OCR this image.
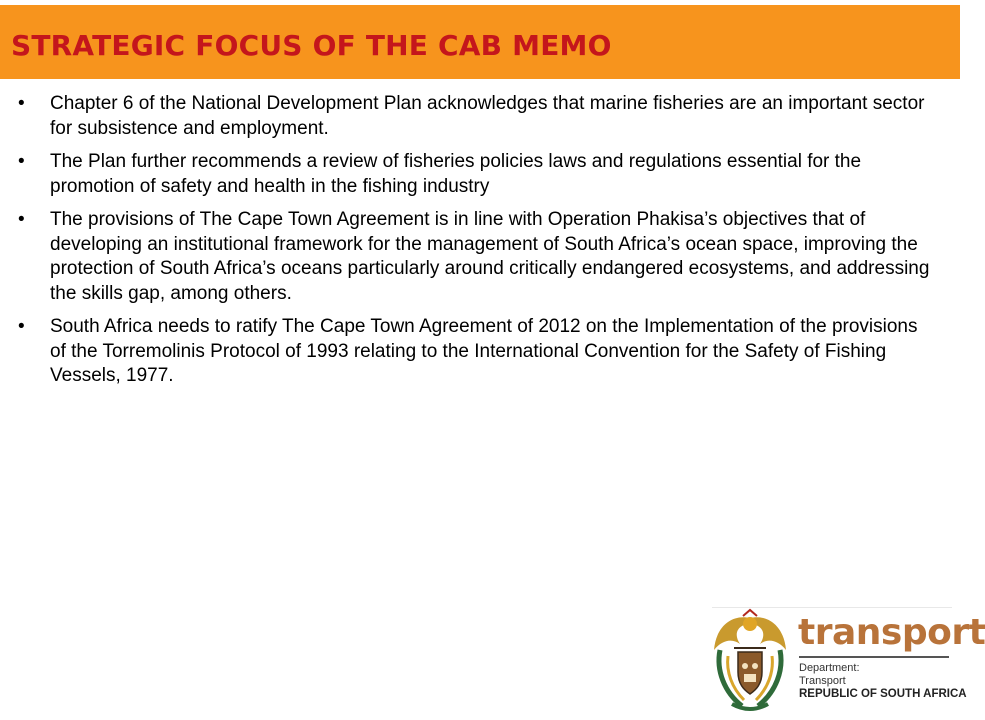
STRATEGIC FOCUS OF THE CAB MEMO
• Chapter 6 of the National Development Plan acknowledges that marine fisheries are an important sector for subsistence and employment.
• The Plan further recommends a review of fisheries policies laws and regulations essential for the promotion of safety and health in the fishing industry
• The provisions of The Cape Town Agreement is in line with Operation Phakisa’s objectives that of developing an institutional framework for the management of South Africa’s ocean space, improving the protection of South Africa’s oceans particularly around critically endangered ecosystems, and addressing the skills gap, among others.
• South Africa needs to ratify The Cape Town Agreement of 2012 on the Implementation of the provisions of the Torremolinis Protocol of 1993 relating to the International Convention for the Safety of Fishing Vessels, 1977.
transport
Department:
Transport
REPUBLIC OF SOUTH AFRICA
